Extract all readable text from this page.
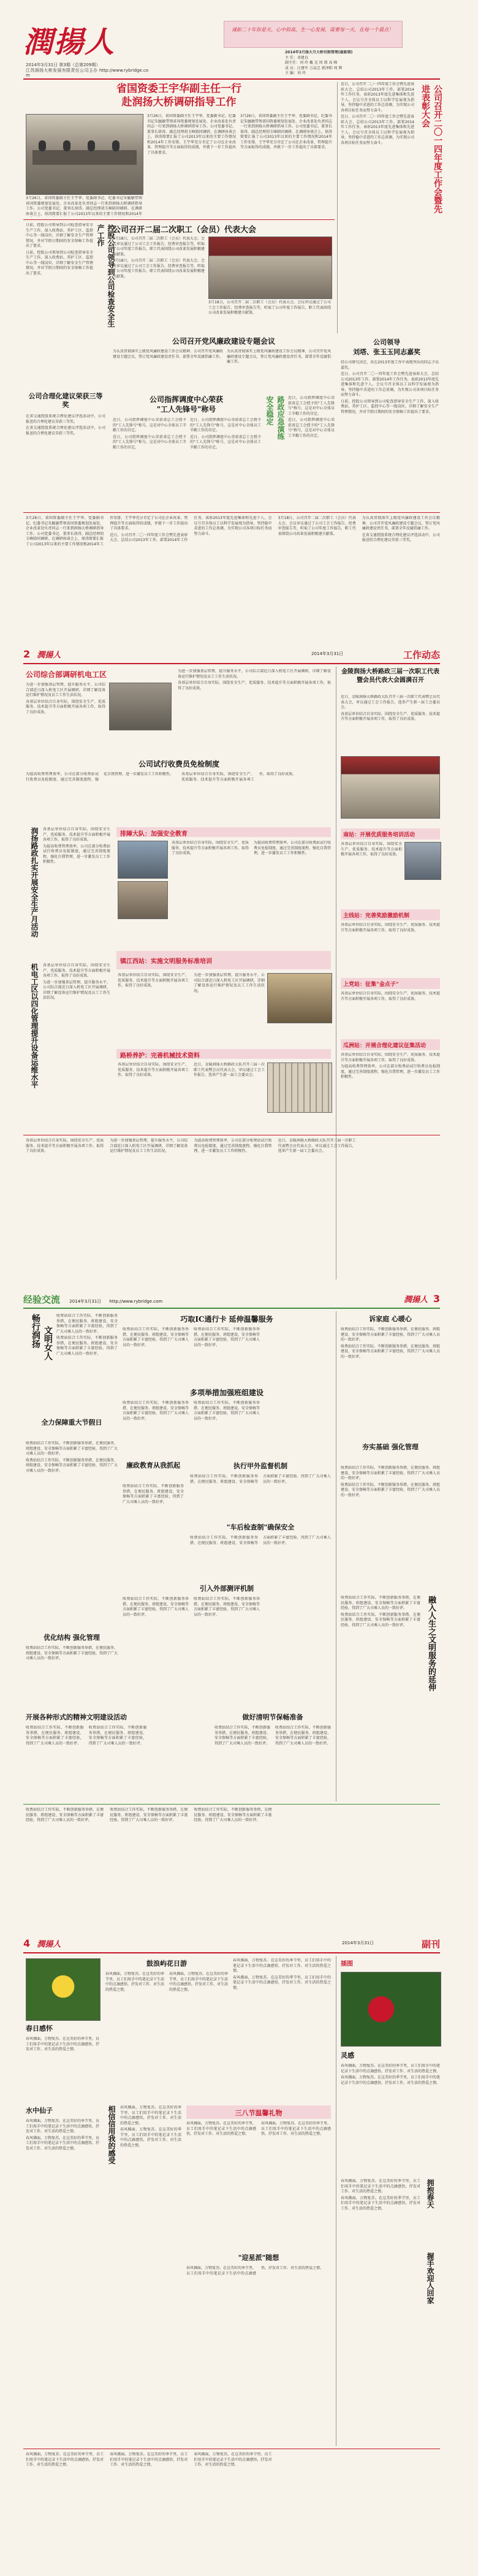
潤揚人
2014年3月31日 第3期（总第209期）
江苏润扬大桥发展有限责任公司主办 http://www.rybridge.com
诚如二十年你是天、心中似高，生一心发展，需要每一天，在每一个晨点！
2014年3月扬大月大桥有限管理(最新期)
主 任：邓建良
副主任：刘 玲 戴 克 周 鼎 高 峰
成 员：汪建军 万晶昱 郭泽阳 周 辉
主 编：刘 玲
省国资委王宇华副主任一行
赴润扬大桥调研指导工作

3月26日，省国资委副主任王宇华、党委副书记、纪委书记朱毓敏带领省国资委规划发展处、企业改革处负责同志一行来到润扬大桥调研指导工作。公司党委书记、董事长徐涛、副总经理胡玉峰陪同调研。在调研座谈会上，徐涛简要汇报了公司2013年以来的主要工作情况和2014年工作安排，王宇华充分肯定了公司在企业改革、管理提升等方面取得的成绩，并就下一步工作提出了具体要求。

3月26日，省国资委副主任王宇华、党委副书记、纪委书记朱毓敏带领省国资委规划发展处、企业改革处负责同志一行来到润扬大桥调研指导工作。公司党委书记、董事长徐涛、副总经理胡玉峰陪同调研。在调研座谈会上，徐涛简要汇报了公司2013年以来的主要工作情况和2014年工作安排，王宇华充分肯定了公司在企业改革、管理提升等方面取得的成绩，并就下一步工作提出了具体要求。

3月26日，省国资委副主任王宇华、党委副书记、纪委书记朱毓敏带领省国资委规划发展处、企业改革处负责同志一行来到润扬大桥调研指导工作。公司党委书记、董事长徐涛、副总经理胡玉峰陪同调研。在调研座谈会上，徐涛简要汇报了公司2013年以来的主要工作情况和2014年

近日，公司召开二〇一四年度工作会暨先进表彰大会，总结公司2013年工作，部署2014年工作任务，表彰2013年度先进集体和先进个人。会议号召全体员工以科学发展观为指导，坚持稳中求进的工作总基调，为实现公司各项目标任务而努力奋斗。

近日，公司召开二〇一四年度工作会暨先进表彰大会，总结公司2013年工作，部署2014年工作任务，表彰2013年度先进集体和先进个人。会议号召全体员工以科学发展观为指导，坚持稳中求进的工作总基调，为实现公司各项目标任务而努力奋斗。	公司召开二〇一四年度工作会暨先进表彰大会

日前，控股公司领导到公司检查指导安全生产工作，深入收费站、养护工区、监控中心等一线岗位，详细了解安全生产管理情况，并对节假日期间的安全保畅工作提出了要求。

日前，控股公司领导到公司检查指导安全生产工作，深入收费站、养护工区、监控中心等一线岗位，详细了解安全生产管理情况，并对节假日期间的安全保畅工作提出了要求。	控股公司领导到公司检查安全生产工作	公司召开二届二次职工（会员）代表大会

3月18日，公司召开二届二次职工（会员）代表大会。会议审议通过了公司工会工作报告、经费审查报告等，听取了公司年度工作报告，职工代表围绕公司改革发展积极建言献策。

3月18日，公司召开二届二次职工（会员）代表大会。会议审议通过了公司工会工作报告、经费审查报告等，听取了公司年度工作报告，职工代表围绕公司改革发展积极建言献策。

3月18日，公司召开二届二次职工（会员）代表大会。会议审议通过了公司工会工作报告、经费审查报告等，听取了公司年度工作报告，职工代表围绕公司改革发展积极建言献策。

公司召开党风廉政建设专题会议

为认真贯彻落实上级党风廉政建设工作会议精神，公司召开党风廉政建设专题会议，签订党风廉政建设责任书，部署全年反腐倡廉工作。

为认真贯彻落实上级党风廉政建设工作会议精神，公司召开党风廉政建设专题会议，签订党风廉政建设责任书，部署全年反腐倡廉工作。

公司合理化建议荣获三等奖

在省交通控股系统合理化建议评选活动中，公司报送的合理化建议荣获三等奖。

在省交通控股系统合理化建议评选活动中，公司报送的合理化建议荣获三等奖。

公司指挥调度中心荣获
"工人先锋号"称号

近日，公司指挥调度中心荣获省总工会授予的"工人先锋号"称号，这是对中心全体员工辛勤工作的肯定。

近日，公司指挥调度中心荣获省总工会授予的"工人先锋号"称号，这是对中心全体员工辛勤工作的肯定。

近日，公司指挥调度中心荣获省总工会授予的"工人先锋号"称号，这是对中心全体员工辛勤工作的肯定。

近日，公司指挥调度中心荣获省总工会授予的"工人先锋号"称号，这是对中心全体员工辛勤工作的肯定。

安全稳定 路政应急演练 近日，公司指挥调度中心荣获省总工会授予的"工人先锋号"称号，这是对中心全体员工辛勤工作的肯定。

近日，公司指挥调度中心荣获省总工会授予的"工人先锋号"称号，这是对中心全体员工辛勤工作的肯定。

公司领导
刘塔、张玉玉同志嘉奖

经公司研究决定，对在2013年度工作中表现突出的同志予以嘉奖。

近日，公司召开二〇一四年度工作会暨先进表彰大会，总结公司2013年工作，部署2014年工作任务，表彰2013年度先进集体和先进个人。会议号召全体员工以科学发展观为指导，坚持稳中求进的工作总基调，为实现公司各项目标任务而努力奋斗。

日前，控股公司领导到公司检查指导安全生产工作，深入收费站、养护工区、监控中心等一线岗位，详细了解安全生产管理情况，并对节假日期间的安全保畅工作提出了要求。

3月26日，省国资委副主任王宇华、党委副书记、纪委书记朱毓敏带领省国资委规划发展处、企业改革处负责同志一行来到润扬大桥调研指导工作。公司党委书记、董事长徐涛、副总经理胡玉峰陪同调研。在调研座谈会上，徐涛简要汇报了公司2013年以来的主要工作情况和2014年工作安排，王宇华充分肯定了公司在企业改革、管理提升等方面取得的成绩，并就下一步工作提出了具体要求。

近日，公司召开二〇一四年度工作会暨先进表彰大会，总结公司2013年工作，部署2014年工作任务，表彰2013年度先进集体和先进个人。会议号召全体员工以科学发展观为指导，坚持稳中求进的工作总基调，为实现公司各项目标任务而努力奋斗。

3月18日，公司召开二届二次职工（会员）代表大会。会议审议通过了公司工会工作报告、经费审查报告等，听取了公司年度工作报告，职工代表围绕公司改革发展积极建言献策。

为认真贯彻落实上级党风廉政建设工作会议精神，公司召开党风廉政建设专题会议，签订党风廉政建设责任书，部署全年反腐倡廉工作。

在省交通控股系统合理化建议评选活动中，公司报送的合理化建议荣获三等奖。

2 潤揚人	2014年3月31日	工作动态
公司综合部调研机电工区

为进一步加强基层管理，提升服务水平，公司综合部近日深入机电工区开展调研，详细了解设备运行维护情况及员工工作生活状况。

各基层单位结合自身实际，围绕安全生产、优质服务、技术提升等方面积极开展各项工作，取得了良好成效。

为进一步加强基层管理，提升服务水平，公司综合部近日深入机电工区开展调研，详细了解设备运行维护情况及员工工作生活状况。

各基层单位结合自身实际，围绕安全生产、优质服务、技术提升等方面积极开展各项工作，取得了良好成效。

公司试行收费员免检制度

为提高收费管理效率，公司在部分收费站试行收费员免检制度，通过完善制度流程、强化自我管理，进一步激发员工工作积极性。	各基层单位结合自身实际，围绕安全生产、优质服务、技术提升等方面积极开展各项工作，取得了良好成效。

金陵润扬大桥路政三届一次职工代表
暨会员代表大会圆满召开

近日，金陵润扬大桥路政大队召开三届一次职工代表暨会员代表大会，审议通过工会工作报告，选举产生新一届工会委员会。

各基层单位结合自身实际，围绕安全生产、优质服务、技术提升等方面积极开展各项工作，取得了良好成效。

润扬路政扎实开展安全生产月活动	各基层单位结合自身实际，围绕安全生产、优质服务、技术提升等方面积极开展各项工作，取得了良好成效。

为提高收费管理效率，公司在部分收费站试行收费员免检制度，通过完善制度流程、强化自我管理，进一步激发员工工作积极性。

机电工区以四化管理提升设备运维水平	各基层单位结合自身实际，围绕安全生产、优质服务、技术提升等方面积极开展各项工作，取得了良好成效。

为进一步加强基层管理，提升服务水平，公司综合部近日深入机电工区开展调研，详细了解设备运行维护情况及员工工作生活状况。

排障大队：加强安全教育

各基层单位结合自身实际，围绕安全生产、优质服务、技术提升等方面积极开展各项工作，取得了良好成效。

为提高收费管理效率，公司在部分收费站试行收费员免检制度，通过完善制度流程、强化自我管理，进一步激发员工工作积极性。

镇江西站：实施文明服务标准培训

各基层单位结合自身实际，围绕安全生产、优质服务、技术提升等方面积极开展各项工作，取得了良好成效。

为进一步加强基层管理，提升服务水平，公司综合部近日深入机电工区开展调研，详细了解设备运行维护情况及员工工作生活状况。

路桥养护：完善机械技术资料

各基层单位结合自身实际，围绕安全生产、优质服务、技术提升等方面积极开展各项工作，取得了良好成效。

近日，金陵润扬大桥路政大队召开三届一次职工代表暨会员代表大会，审议通过工会工作报告，选举产生新一届工会委员会。

南站：开展优质服务培训活动

各基层单位结合自身实际，围绕安全生产、优质服务、技术提升等方面积极开展各项工作，取得了良好成效。

主线站：完善奖励激励机制

各基层单位结合自身实际，围绕安全生产、优质服务、技术提升等方面积极开展各项工作，取得了良好成效。

上党站：征集"金点子"

各基层单位结合自身实际，围绕安全生产、优质服务、技术提升等方面积极开展各项工作，取得了良好成效。

瓜洲站：开展合理化建议征集活动

各基层单位结合自身实际，围绕安全生产、优质服务、技术提升等方面积极开展各项工作，取得了良好成效。

为提高收费管理效率，公司在部分收费站试行收费员免检制度，通过完善制度流程、强化自我管理，进一步激发员工工作积极性。

各基层单位结合自身实际，围绕安全生产、优质服务、技术提升等方面积极开展各项工作，取得了良好成效。

为进一步加强基层管理，提升服务水平，公司综合部近日深入机电工区开展调研，详细了解设备运行维护情况及员工工作生活状况。

为提高收费管理效率，公司在部分收费站试行收费员免检制度，通过完善制度流程、强化自我管理，进一步激发员工工作积极性。

近日，金陵润扬大桥路政大队召开三届一次职工代表暨会员代表大会，审议通过工会工作报告，选举产生新一届工会委员会。

经验交流 2014年3月31日 http://www.rybridge.com	潤揚人 3
畅行润扬 文明女人

收费站结合工作实际，不断创新服务举措，在便民服务、班组建设、安全保畅等方面积累了丰富经验，得到了广大司乘人员的一致好评。

收费站结合工作实际，不断创新服务举措，在便民服务、班组建设、安全保畅等方面积累了丰富经验，得到了广大司乘人员的一致好评。

巧取IC通行卡 延伸温馨服务

收费站结合工作实际，不断创新服务举措，在便民服务、班组建设、安全保畅等方面积累了丰富经验，得到了广大司乘人员的一致好评。

收费站结合工作实际，不断创新服务举措，在便民服务、班组建设、安全保畅等方面积累了丰富经验，得到了广大司乘人员的一致好评。

多项举措加强班组建设

收费站结合工作实际，不断创新服务举措，在便民服务、班组建设、安全保畅等方面积累了丰富经验，得到了广大司乘人员的一致好评。

收费站结合工作实际，不断创新服务举措，在便民服务、班组建设、安全保畅等方面积累了丰富经验，得到了广大司乘人员的一致好评。

全力保障重大节假日

收费站结合工作实际，不断创新服务举措，在便民服务、班组建设、安全保畅等方面积累了丰富经验，得到了广大司乘人员的一致好评。

收费站结合工作实际，不断创新服务举措，在便民服务、班组建设、安全保畅等方面积累了丰富经验，得到了广大司乘人员的一致好评。

廉政教育从我抓起

收费站结合工作实际，不断创新服务举措，在便民服务、班组建设、安全保畅等方面积累了丰富经验，得到了广大司乘人员的一致好评。

执行甲外监督机制

收费站结合工作实际，不断创新服务举措，在便民服务、班组建设、安全保畅等方面积累了丰富经验，得到了广大司乘人员的一致好评。

"车后检查制"确保安全

收费站结合工作实际，不断创新服务举措，在便民服务、班组建设、安全保畅等方面积累了丰富经验，得到了广大司乘人员的一致好评。

引入外部测评机制

收费站结合工作实际，不断创新服务举措，在便民服务、班组建设、安全保畅等方面积累了丰富经验，得到了广大司乘人员的一致好评。

收费站结合工作实际，不断创新服务举措，在便民服务、班组建设、安全保畅等方面积累了丰富经验，得到了广大司乘人员的一致好评。

优化结构 强化管理

收费站结合工作实际，不断创新服务举措，在便民服务、班组建设、安全保畅等方面积累了丰富经验，得到了广大司乘人员的一致好评。

开展各种形式的精神文明建设活动

收费站结合工作实际，不断创新服务举措，在便民服务、班组建设、安全保畅等方面积累了丰富经验，得到了广大司乘人员的一致好评。

收费站结合工作实际，不断创新服务举措，在便民服务、班组建设、安全保畅等方面积累了丰富经验，得到了广大司乘人员的一致好评。

做好清明节保畅准备

收费站结合工作实际，不断创新服务举措，在便民服务、班组建设、安全保畅等方面积累了丰富经验，得到了广大司乘人员的一致好评。

收费站结合工作实际，不断创新服务举措，在便民服务、班组建设、安全保畅等方面积累了丰富经验，得到了广大司乘人员的一致好评。

诉家庭 心暖心

收费站结合工作实际，不断创新服务举措，在便民服务、班组建设、安全保畅等方面积累了丰富经验，得到了广大司乘人员的一致好评。

收费站结合工作实际，不断创新服务举措，在便民服务、班组建设、安全保畅等方面积累了丰富经验，得到了广大司乘人员的一致好评。

夯实基础 强化管理

收费站结合工作实际，不断创新服务举措，在便民服务、班组建设、安全保畅等方面积累了丰富经验，得到了广大司乘人员的一致好评。

收费站结合工作实际，不断创新服务举措，在便民服务、班组建设、安全保畅等方面积累了丰富经验，得到了广大司乘人员的一致好评。

收费站结合工作实际，不断创新服务举措，在便民服务、班组建设、安全保畅等方面积累了丰富经验，得到了广大司乘人员的一致好评。

收费站结合工作实际，不断创新服务举措，在便民服务、班组建设、安全保畅等方面积累了丰富经验，得到了广大司乘人员的一致好评。	融入人生之文明服务的延伸

收费站结合工作实际，不断创新服务举措，在便民服务、班组建设、安全保畅等方面积累了丰富经验，得到了广大司乘人员的一致好评。

收费站结合工作实际，不断创新服务举措，在便民服务、班组建设、安全保畅等方面积累了丰富经验，得到了广大司乘人员的一致好评。

收费站结合工作实际，不断创新服务举措，在便民服务、班组建设、安全保畅等方面积累了丰富经验，得到了广大司乘人员的一致好评。

4 潤揚人	2014年3月31日	副刊
春日感怀

春风拂面，万物复苏。在这美好的季节里，员工们用手中的笔记录下生活中的点滴感悟，抒发对工作、对生活的热爱之情。

鼓浪屿花日游

春风拂面，万物复苏。在这美好的季节里，员工们用手中的笔记录下生活中的点滴感悟，抒发对工作、对生活的热爱之情。

春风拂面，万物复苏。在这美好的季节里，员工们用手中的笔记录下生活中的点滴感悟，抒发对工作、对生活的热爱之情。

春风拂面，万物复苏。在这美好的季节里，员工们用手中的笔记录下生活中的点滴感悟，抒发对工作、对生活的热爱之情。

春风拂面，万物复苏。在这美好的季节里，员工们用手中的笔记录下生活中的点滴感悟，抒发对工作、对生活的热爱之情。

水中仙子

春风拂面，万物复苏。在这美好的季节里，员工们用手中的笔记录下生活中的点滴感悟，抒发对工作、对生活的热爱之情。

春风拂面，万物复苏。在这美好的季节里，员工们用手中的笔记录下生活中的点滴感悟，抒发对工作、对生活的热爱之情。	相信信用我的感受	春风拂面，万物复苏。在这美好的季节里，员工们用手中的笔记录下生活中的点滴感悟，抒发对工作、对生活的热爱之情。

春风拂面，万物复苏。在这美好的季节里，员工们用手中的笔记录下生活中的点滴感悟，抒发对工作、对生活的热爱之情。

三八节温馨礼物

春风拂面，万物复苏。在这美好的季节里，员工们用手中的笔记录下生活中的点滴感悟，抒发对工作、对生活的热爱之情。

春风拂面，万物复苏。在这美好的季节里，员工们用手中的笔记录下生活中的点滴感悟，抒发对工作、对生活的热爱之情。

"迎星派"随想

春风拂面，万物复苏。在这美好的季节里，员工们用手中的笔记录下生活中的点滴感悟，抒发对工作、对生活的热爱之情。

插图
灵感

春风拂面，万物复苏。在这美好的季节里，员工们用手中的笔记录下生活中的点滴感悟，抒发对工作、对生活的热爱之情。

春风拂面，万物复苏。在这美好的季节里，员工们用手中的笔记录下生活中的点滴感悟，抒发对工作、对生活的热爱之情。

春风拂面，万物复苏。在这美好的季节里，员工们用手中的笔记录下生活中的点滴感悟，抒发对工作、对生活的热爱之情。

春风拂面，万物复苏。在这美好的季节里，员工们用手中的笔记录下生活中的点滴感悟，抒发对工作、对生活的热爱之情。	拥抱春天
握手欢迎人回家

春风拂面，万物复苏。在这美好的季节里，员工们用手中的笔记录下生活中的点滴感悟，抒发对工作、对生活的热爱之情。

春风拂面，万物复苏。在这美好的季节里，员工们用手中的笔记录下生活中的点滴感悟，抒发对工作、对生活的热爱之情。

春风拂面，万物复苏。在这美好的季节里，员工们用手中的笔记录下生活中的点滴感悟，抒发对工作、对生活的热爱之情。
